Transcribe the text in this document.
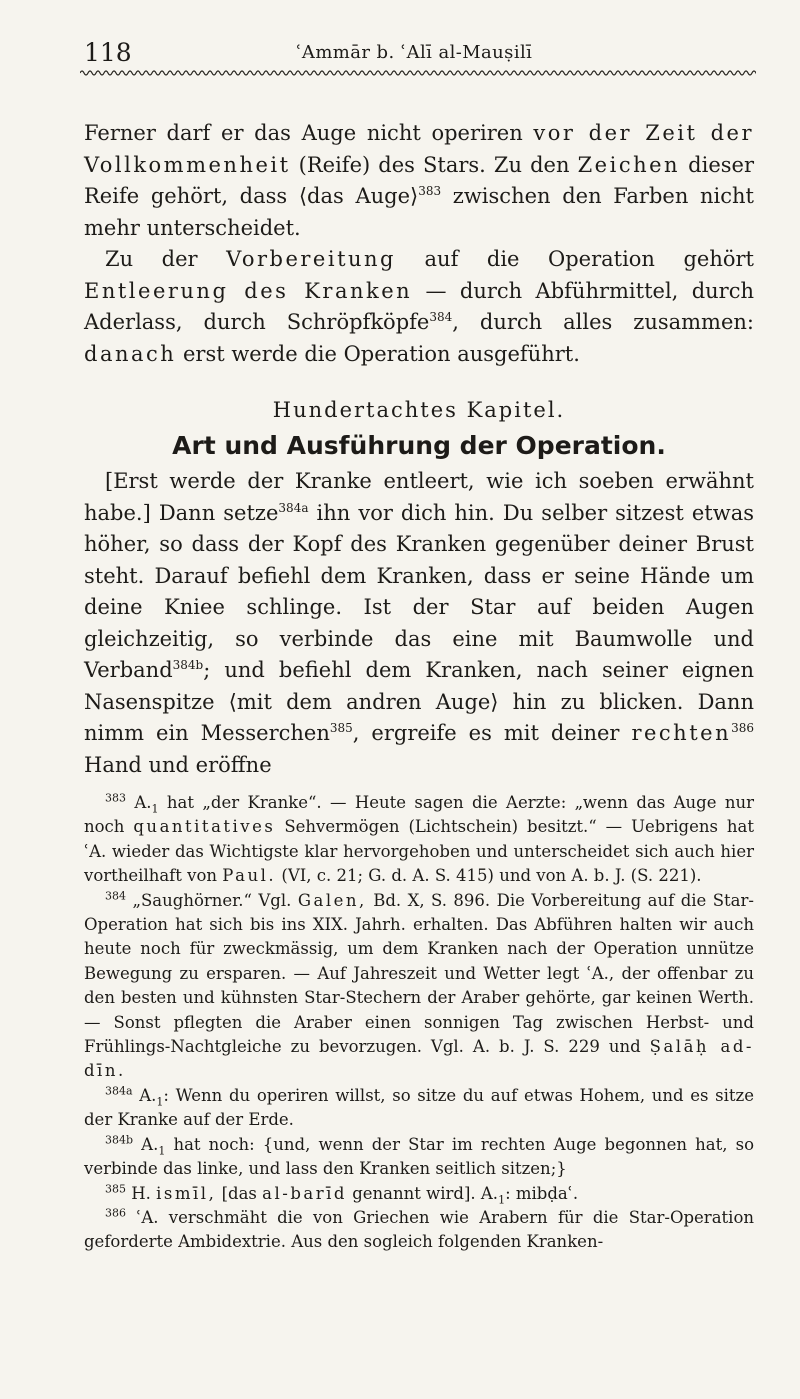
118	ʿAmmār b. ʿAlī al-Mauṣilī

Ferner darf er das Auge nicht operiren vor der Zeit der Vollkommenheit (Reife) des Stars. Zu den Zeichen dieser Reife gehört, dass ⟨das Auge⟩$^{383}$ zwischen den Farben nicht mehr unterscheidet.

Zu der Vorbereitung auf die Operation gehört Entleerung des Kranken — durch Abführmittel, durch Aderlass, durch Schröpfköpfe$^{384}$, durch alles zusammen: danach erst werde die Operation ausgeführt.

Hundertachtes Kapitel.
Art und Ausführung der Operation.

[Erst werde der Kranke entleert, wie ich soeben erwähnt habe.] Dann setze$^{384a}$ ihn vor dich hin. Du selber sitzest etwas höher, so dass der Kopf des Kranken gegenüber deiner Brust steht. Darauf befiehl dem Kranken, dass er seine Hände um deine Kniee schlinge. Ist der Star auf beiden Augen gleichzeitig, so verbinde das eine mit Baumwolle und Verband$^{384b}$; und befiehl dem Kranken, nach seiner eignen Nasenspitze ⟨mit dem andren Auge⟩ hin zu blicken. Dann nimm ein Messerchen$^{385}$, ergreife es mit deiner rechten$^{386}$ Hand und eröffne

$^{383}$ $A._1$ hat „der Kranke“. — Heute sagen die Aerzte: „wenn das Auge nur noch quantitatives Sehvermögen (Lichtschein) besitzt.“ — Uebrigens hat ʿA. wieder das Wichtigste klar hervorgehoben und unterscheidet sich auch hier vortheilhaft von Paul. (VI, c. 21; G. d. A. S. 415) und von A. b. J. (S. 221).

$^{384}$ „Saughörner.“ Vgl. Galen, Bd. X, S. 896. Die Vorbereitung auf die Star-Operation hat sich bis ins XIX. Jahrh. erhalten. Das Abführen halten wir auch heute noch für zweckmässig, um dem Kranken nach der Operation unnütze Bewegung zu ersparen. — Auf Jahreszeit und Wetter legt ʿA., der offenbar zu den besten und kühnsten Star-Stechern der Araber gehörte, gar keinen Werth. — Sonst pflegten die Araber einen sonnigen Tag zwischen Herbst- und Frühlings-Nachtgleiche zu bevorzugen. Vgl. A. b. J. S. 229 und Ṣalāḥ ad-dīn.

$^{384a}$ $A._1$: Wenn du operiren willst, so sitze du auf etwas Hohem, und es sitze der Kranke auf der Erde.

$^{384b}$ $A._1$ hat noch: {und, wenn der Star im rechten Auge begonnen hat, so verbinde das linke, und lass den Kranken seitlich sitzen;}

$^{385}$ H. ismīl, [das al-barīd genannt wird]. $A._1$: mibḍaʿ.

$^{386}$ ʿA. verschmäht die von Griechen wie Arabern für die Star-Operation geforderte Ambidextrie. Aus den sogleich folgenden Kranken-
